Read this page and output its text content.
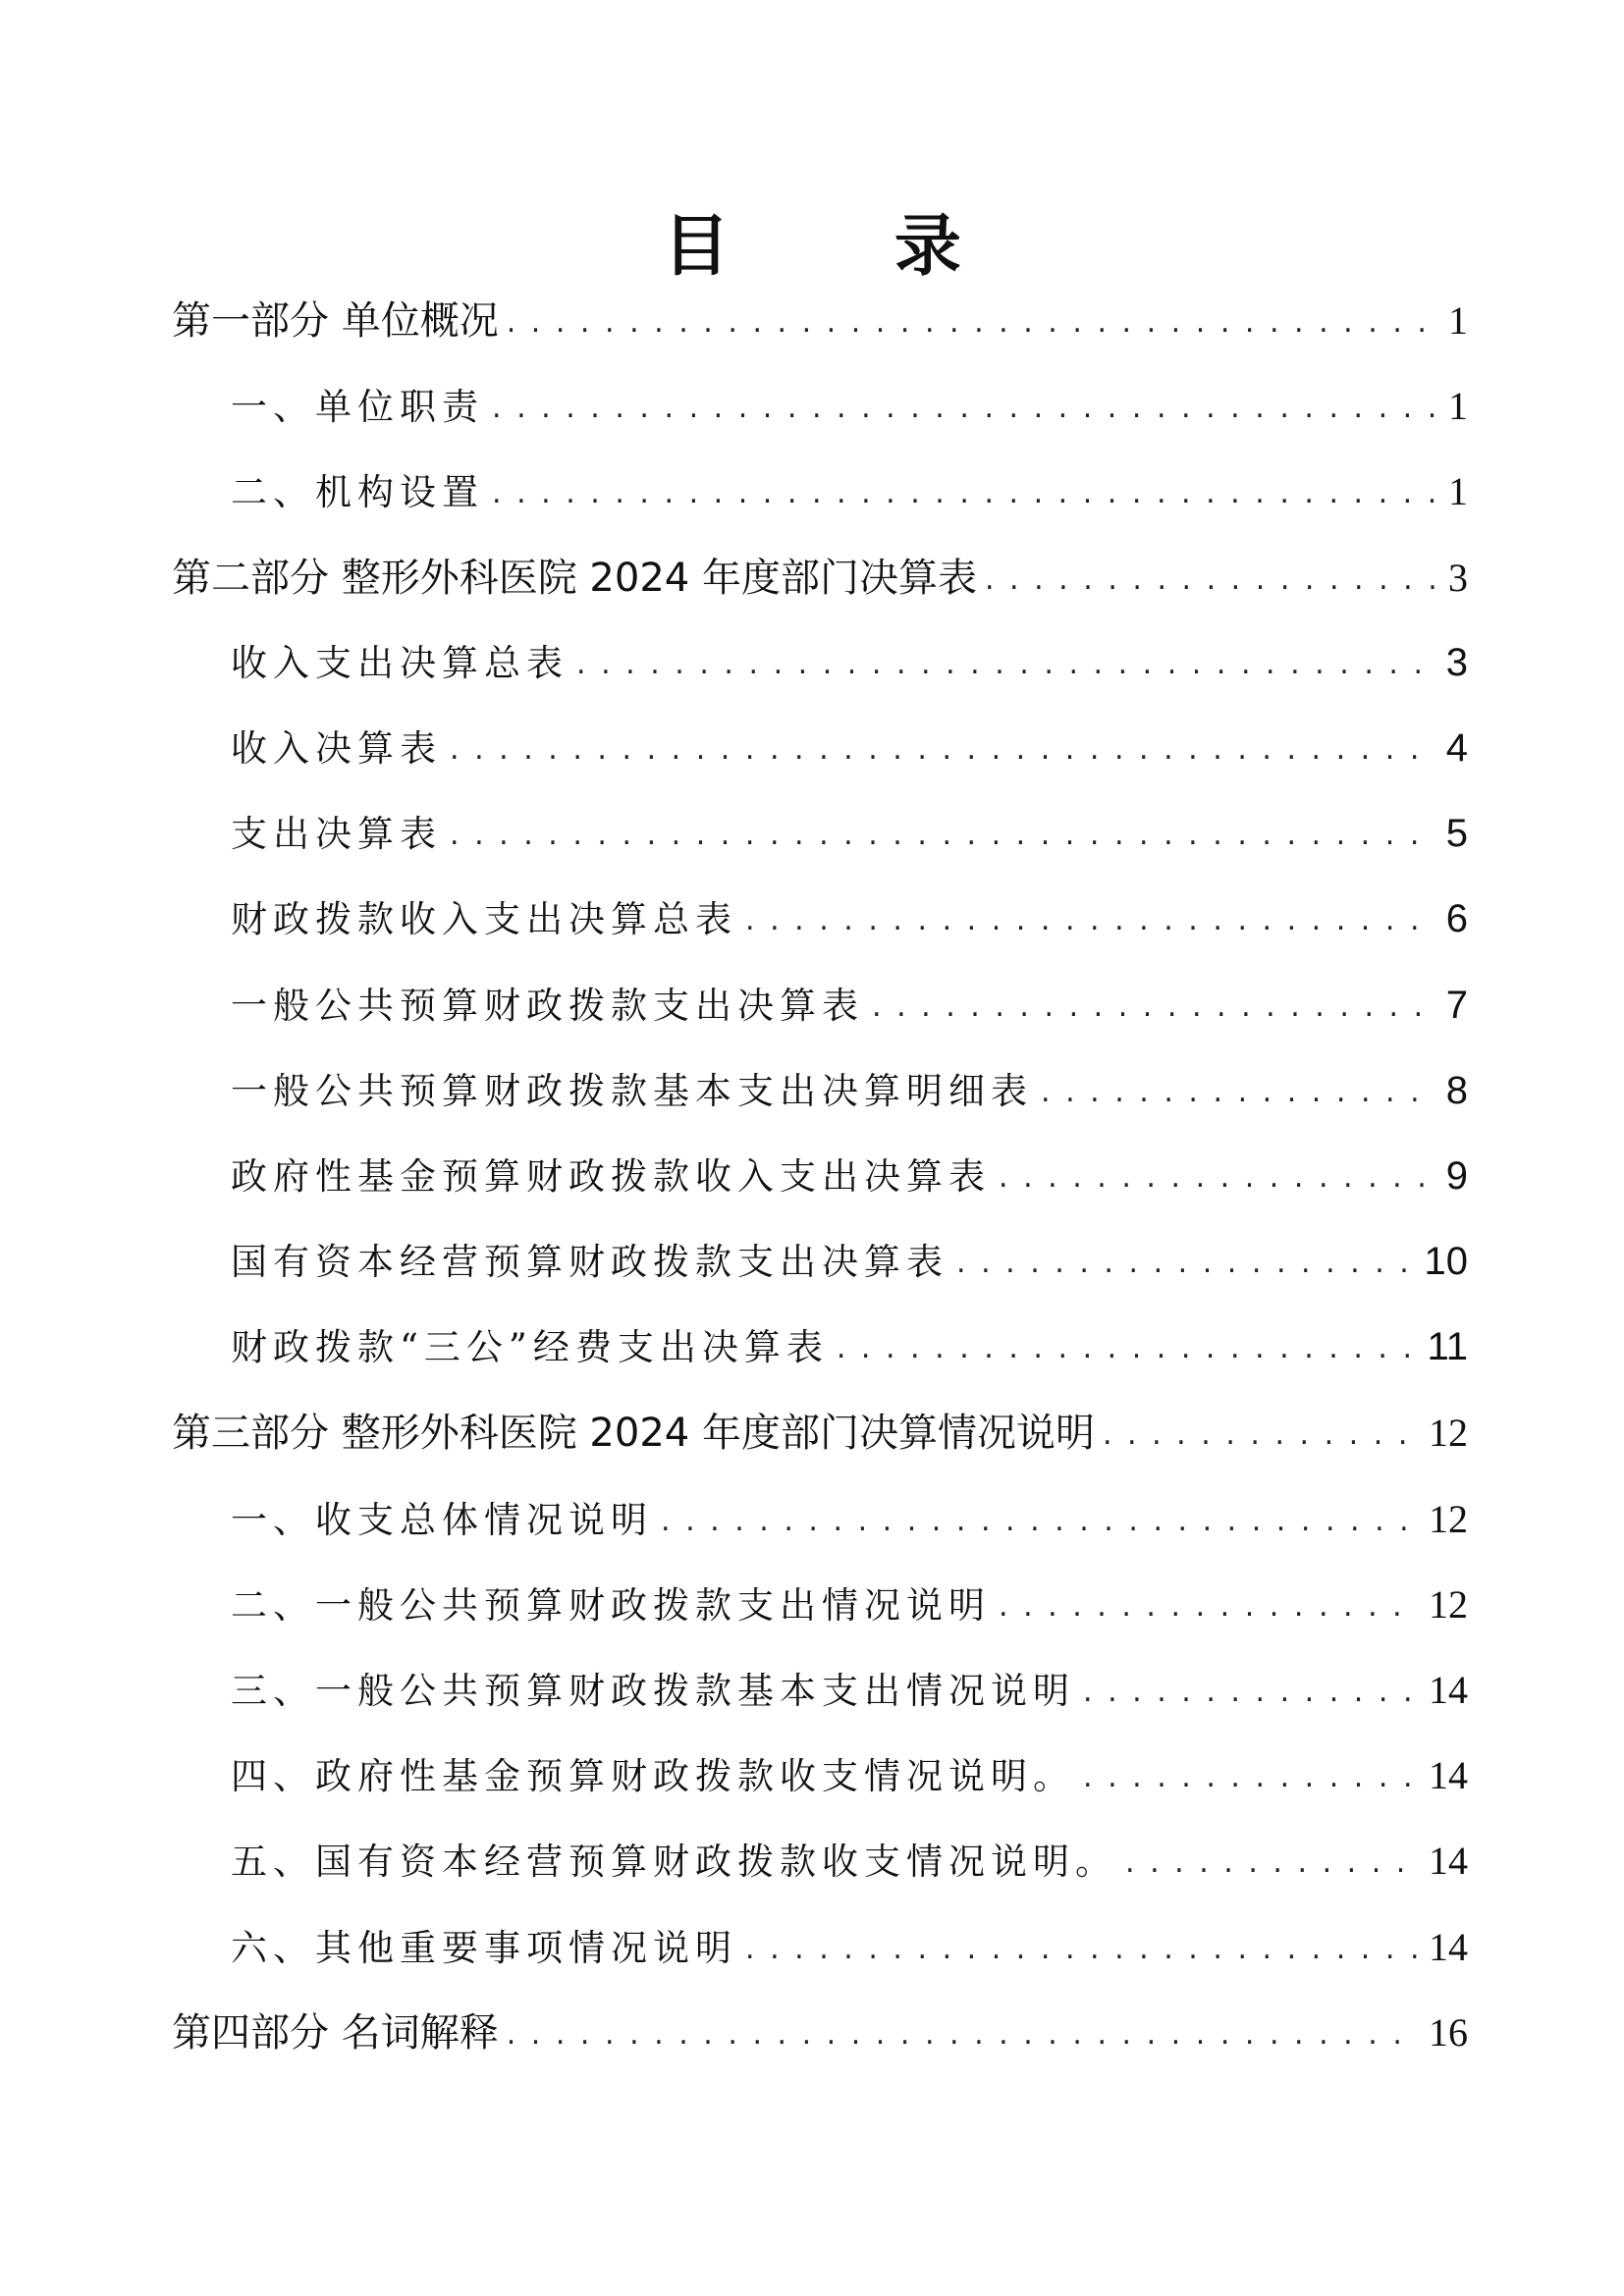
目 录
第一部分 单位概况 . . .	1
一、单位职责 . . .	1
二、机构设置 . . .	1
第二部分 整形外科医院 2024 年度部门决算表 . . .	3
收入支出决算总表 . . .	3
收入决算表 . . .	4
支出决算表 . . .	5
财政拨款收入支出决算总表 . . .	6
一般公共预算财政拨款支出决算表 . . .	7
一般公共预算财政拨款基本支出决算明细表 . . .	8
政府性基金预算财政拨款收入支出决算表 . . .	9
国有资本经营预算财政拨款支出决算表 . . .	10
财政拨款“三公”经费支出决算表 . . .	11
第三部分 整形外科医院 2024 年度部门决算情况说明 . . .	12
一、收支总体情况说明 . . .	12
二、一般公共预算财政拨款支出情况说明 . . .	12
三、一般公共预算财政拨款基本支出情况说明 . . .	14
四、政府性基金预算财政拨款收支情况说明。 . . .	14
五、国有资本经营预算财政拨款收支情况说明。 . . .	14
六、其他重要事项情况说明 . . .	14
第四部分 名词解释 . . .	16
